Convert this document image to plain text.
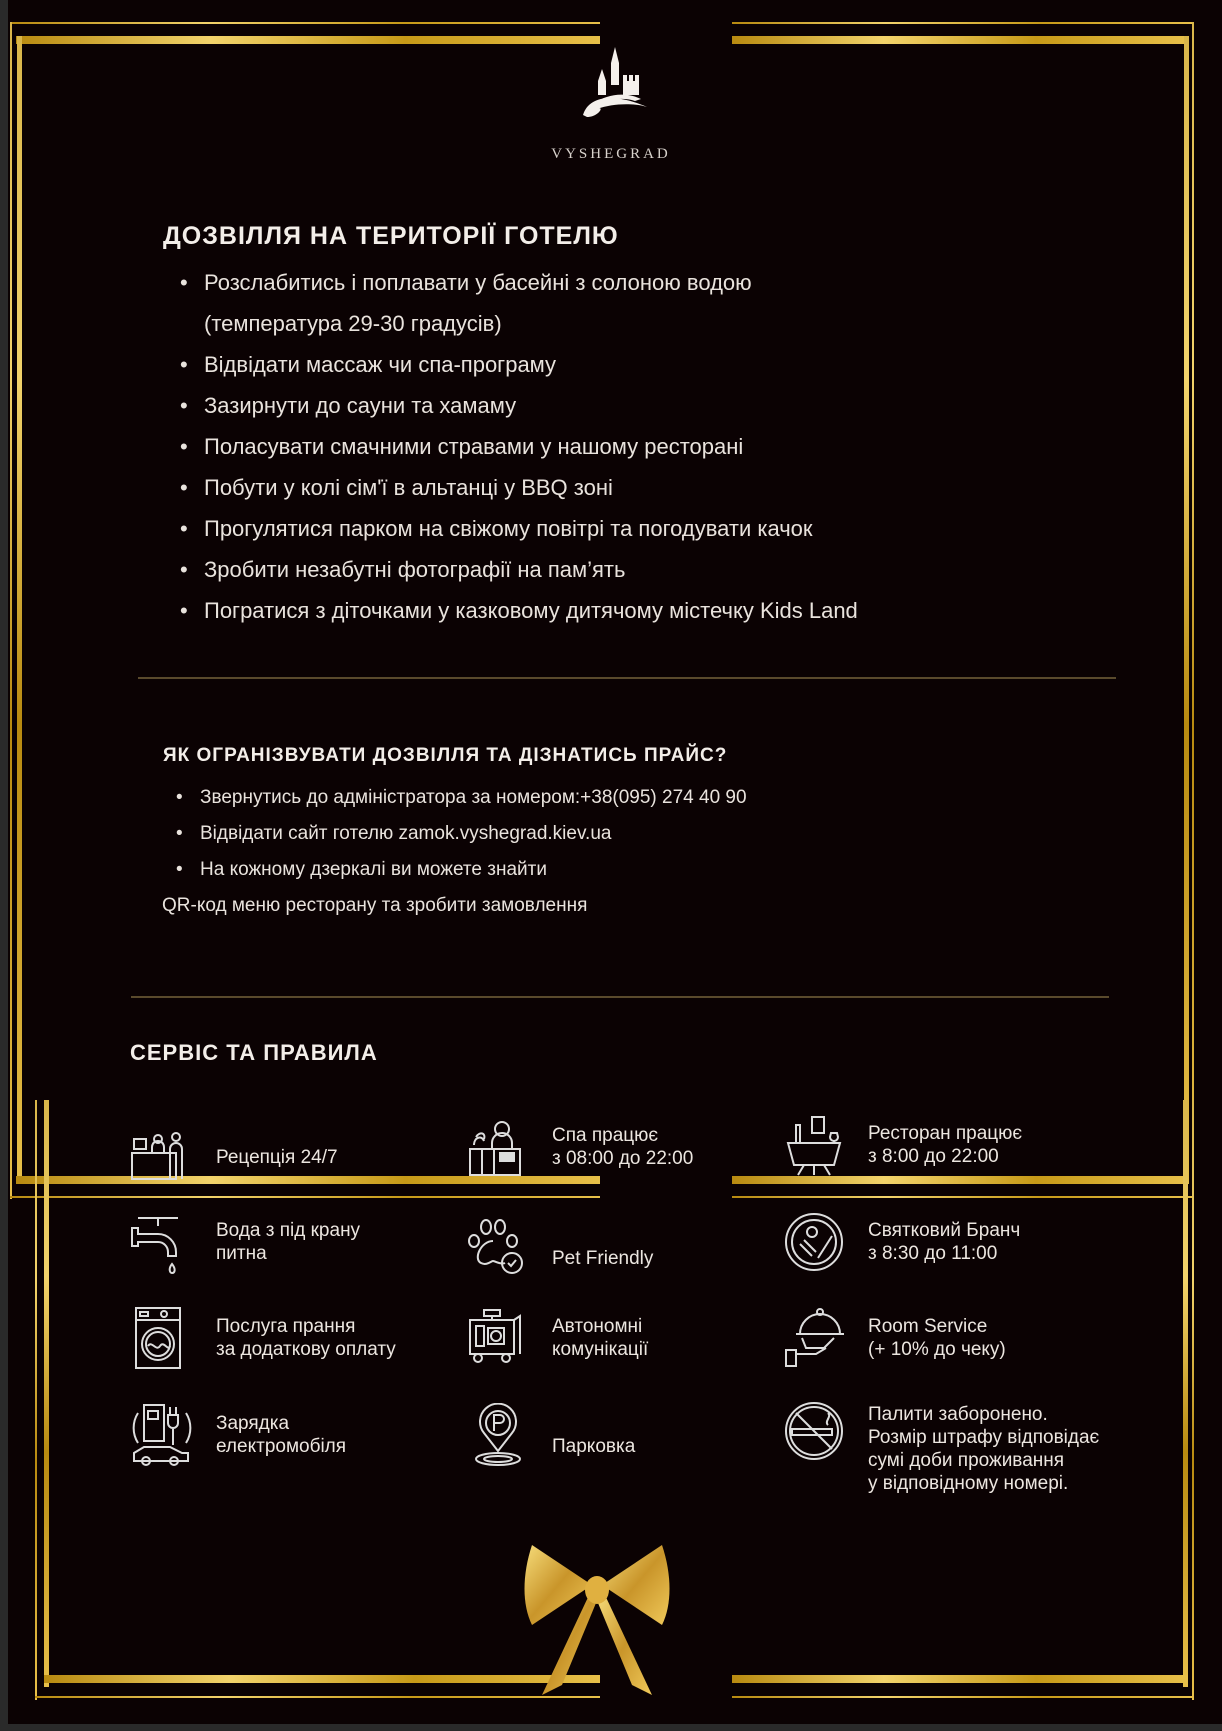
VYSHEGRAD
ДОЗВІЛЛЯ НА ТЕРИТОРІЇ ГОТЕЛЮ
• Розслабитись і поплавати у басейні з солоною водою
(температура 29-30 градусів)
• Відвідати массаж чи спа-програму
• Зазирнути до сауни та хамаму
• Поласувати смачними стравами у нашому ресторані
• Побути у колі сім'ї в альтанці у BBQ зоні
• Прогулятися парком на свіжому повітрі та погодувати качок
• Зробити незабутні фотографії на пам’ять
• Погратися з діточками у казковому дитячому містечку Kids Land
ЯК ОГРАНІЗВУВАТИ ДОЗВІЛЛЯ ТА ДІЗНАТИСЬ ПРАЙС?
• Звернутись до адміністратора за номером:+38(095) 274 40 90
• Відвідати сайт готелю zamok.vyshegrad.kiev.ua
• На кожному дзеркалі ви можете знайти
QR-код меню ресторану та зробити замовлення
СЕРВІС ТА ПРАВИЛА
Рецепція 24/7
Спа працює
з 08:00 до 22:00
Ресторан працює
з 8:00 до 22:00
Вода з під крану
питна	Pet Friendly
Святковий Бранч
з 8:30 до 11:00
Послуга прання
за додаткову оплату
Автономні
комунікації
Room Service
(+ 10% до чеку)
Зарядка
електромобіля	Парковка
Палити заборонено.
Розмір штрафу відповідає
сумі доби проживання
у відповідному номері.
